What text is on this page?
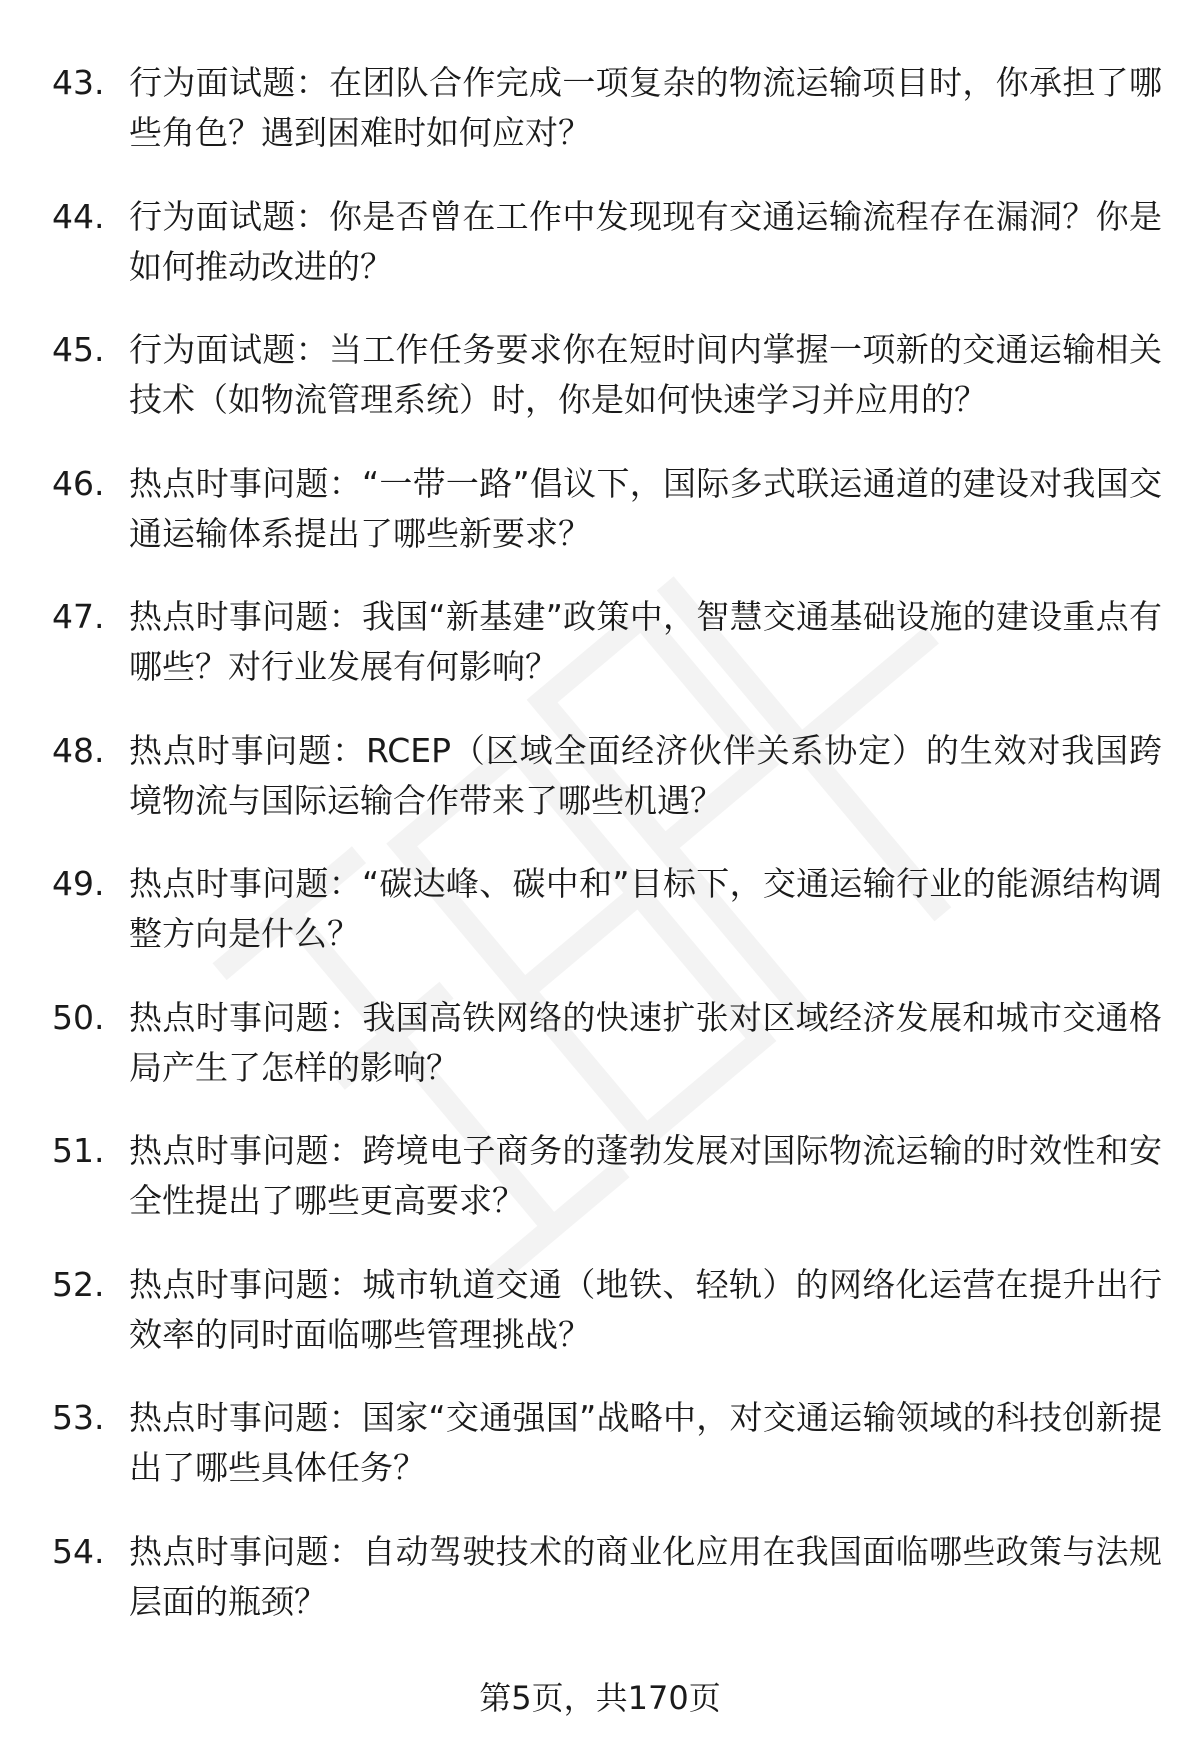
43. 行为面试题：在团队合作完成一项复杂的物流运输项目时，你承担了哪些角色？遇到困难时如何应对？
44. 行为面试题：你是否曾在工作中发现现有交通运输流程存在漏洞？你是如何推动改进的？
45. 行为面试题：当工作任务要求你在短时间内掌握一项新的交通运输相关技术（如物流管理系统）时，你是如何快速学习并应用的？
46. 热点时事问题：“一带一路”倡议下，国际多式联运通道的建设对我国交通运输体系提出了哪些新要求？
47. 热点时事问题：我国“新基建”政策中，智慧交通基础设施的建设重点有哪些？对行业发展有何影响？
48. 热点时事问题：RCEP（区域全面经济伙伴关系协定）的生效对我国跨境物流与国际运输合作带来了哪些机遇？
49. 热点时事问题：“碳达峰、碳中和”目标下，交通运输行业的能源结构调整方向是什么？
50. 热点时事问题：我国高铁网络的快速扩张对区域经济发展和城市交通格局产生了怎样的影响？
51. 热点时事问题：跨境电子商务的蓬勃发展对国际物流运输的时效性和安全性提出了哪些更高要求？
52. 热点时事问题：城市轨道交通（地铁、轻轨）的网络化运营在提升出行效率的同时面临哪些管理挑战？
53. 热点时事问题：国家“交通强国”战略中，对交通运输领域的科技创新提出了哪些具体任务？
54. 热点时事问题：自动驾驶技术的商业化应用在我国面临哪些政策与法规层面的瓶颈？
第5页，共170页
